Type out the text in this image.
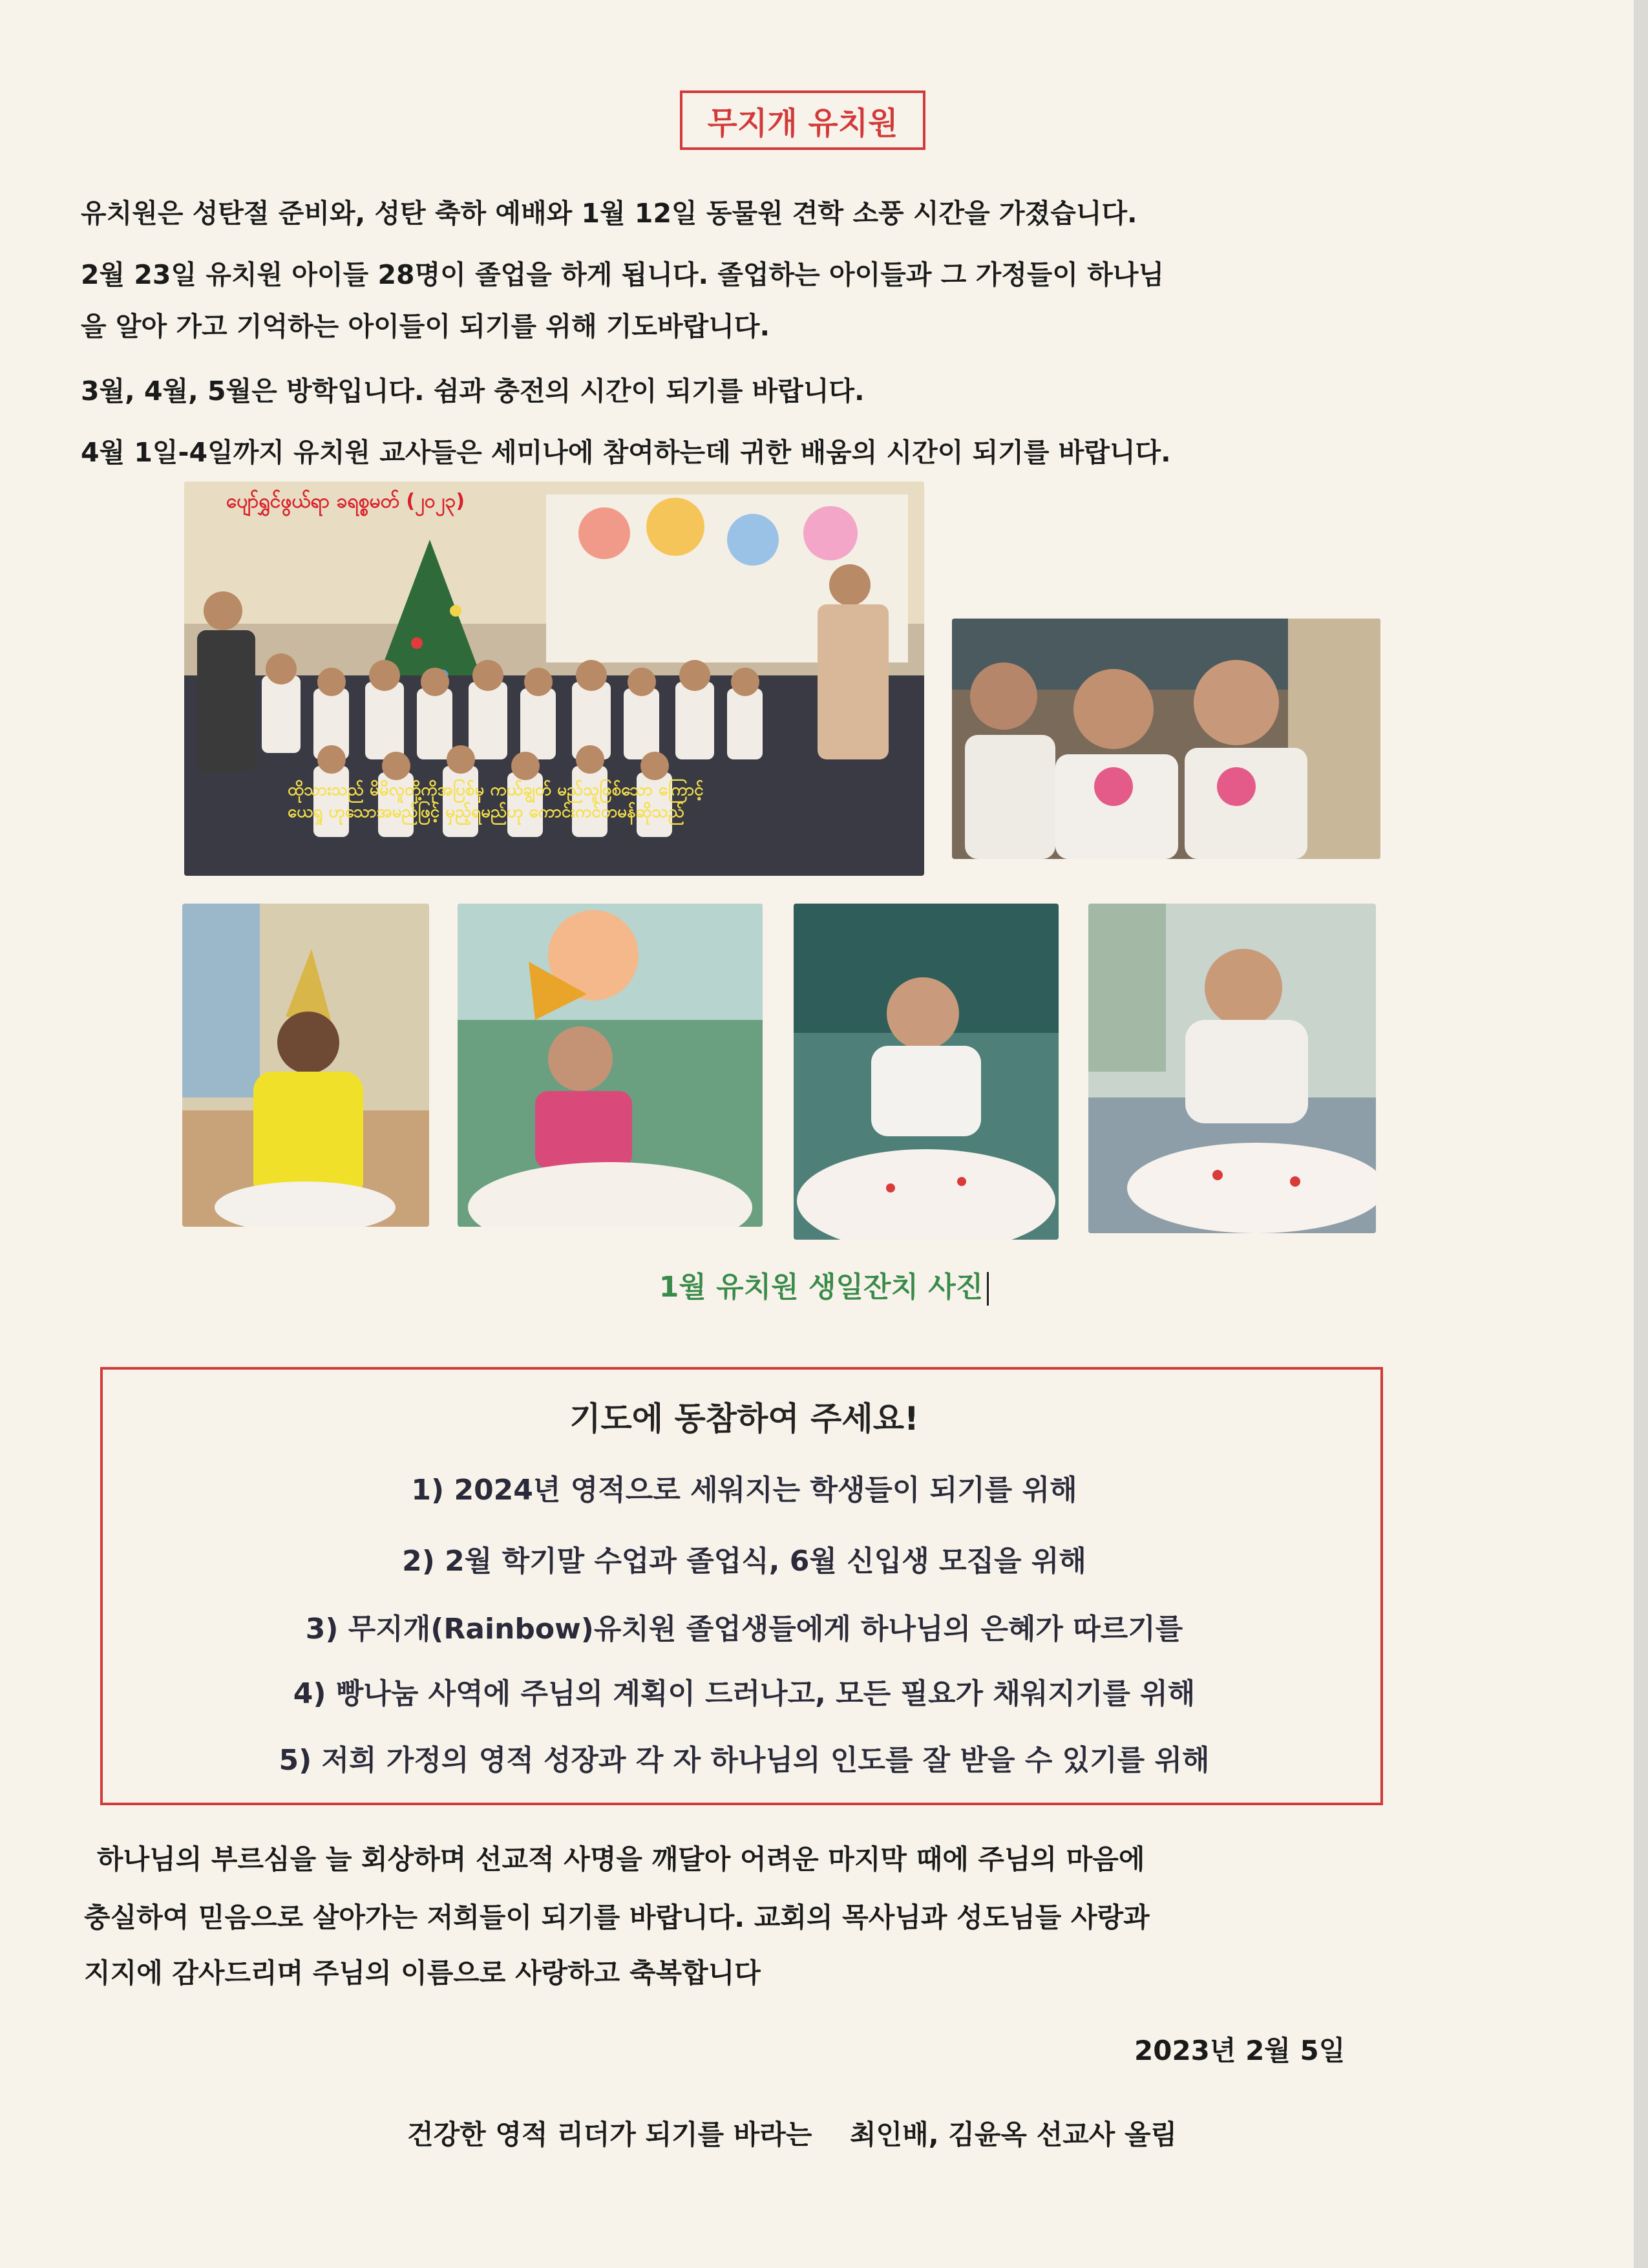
무지개 유치원
유치원은 성탄절 준비와, 성탄 축하 예배와 1월 12일 동물원 견학 소풍 시간을 가졌습니다.
2월 23일 유치원 아이들 28명이 졸업을 하게 됩니다. 졸업하는 아이들과 그 가정들이 하나님
을 알아 가고 기억하는 아이들이 되기를 위해 기도바랍니다.
3월, 4월, 5월은 방학입니다. 쉼과 충전의 시간이 되기를 바랍니다.
4월 1일-4일까지 유치원 교사들은 세미나에 참여하는데 귀한 배움의 시간이 되기를 바랍니다.
ပျော်ရွှင်ဖွယ်ရာ ခရစ္စမတ် (၂၀၂၃)
ထိုသားသည် မိမိလူတို့ကိုအပြစ်မှ ကယ်ချွတ် မည်သူဖြစ်သော ကြောင့်
ယေရှု ဟုသောအမည်ဖြင့် မှည့်ရမည်ဟု ကောင်းကင်တမန်ဆိုသည်
1월 유치원 생일잔치 사진
기도에 동참하여 주세요!
1) 2024년 영적으로 세워지는 학생들이 되기를 위해
2) 2월 학기말 수업과 졸업식, 6월 신입생 모집을 위해
3) 무지개(Rainbow)유치원 졸업생들에게 하나님의 은혜가 따르기를
4) 빵나눔 사역에 주님의 계획이 드러나고, 모든 필요가 채워지기를 위해
5) 저희 가정의 영적 성장과 각 자 하나님의 인도를 잘 받을 수 있기를 위해
하나님의 부르심을 늘 회상하며 선교적 사명을 깨달아 어려운 마지막 때에 주님의 마음에
충실하여 믿음으로 살아가는 저희들이 되기를 바랍니다. 교회의 목사님과 성도님들 사랑과
지지에 감사드리며 주님의 이름으로 사랑하고 축복합니다
2023년 2월 5일
건강한 영적 리더가 되기를 바라는    최인배, 김윤옥 선교사 올림
